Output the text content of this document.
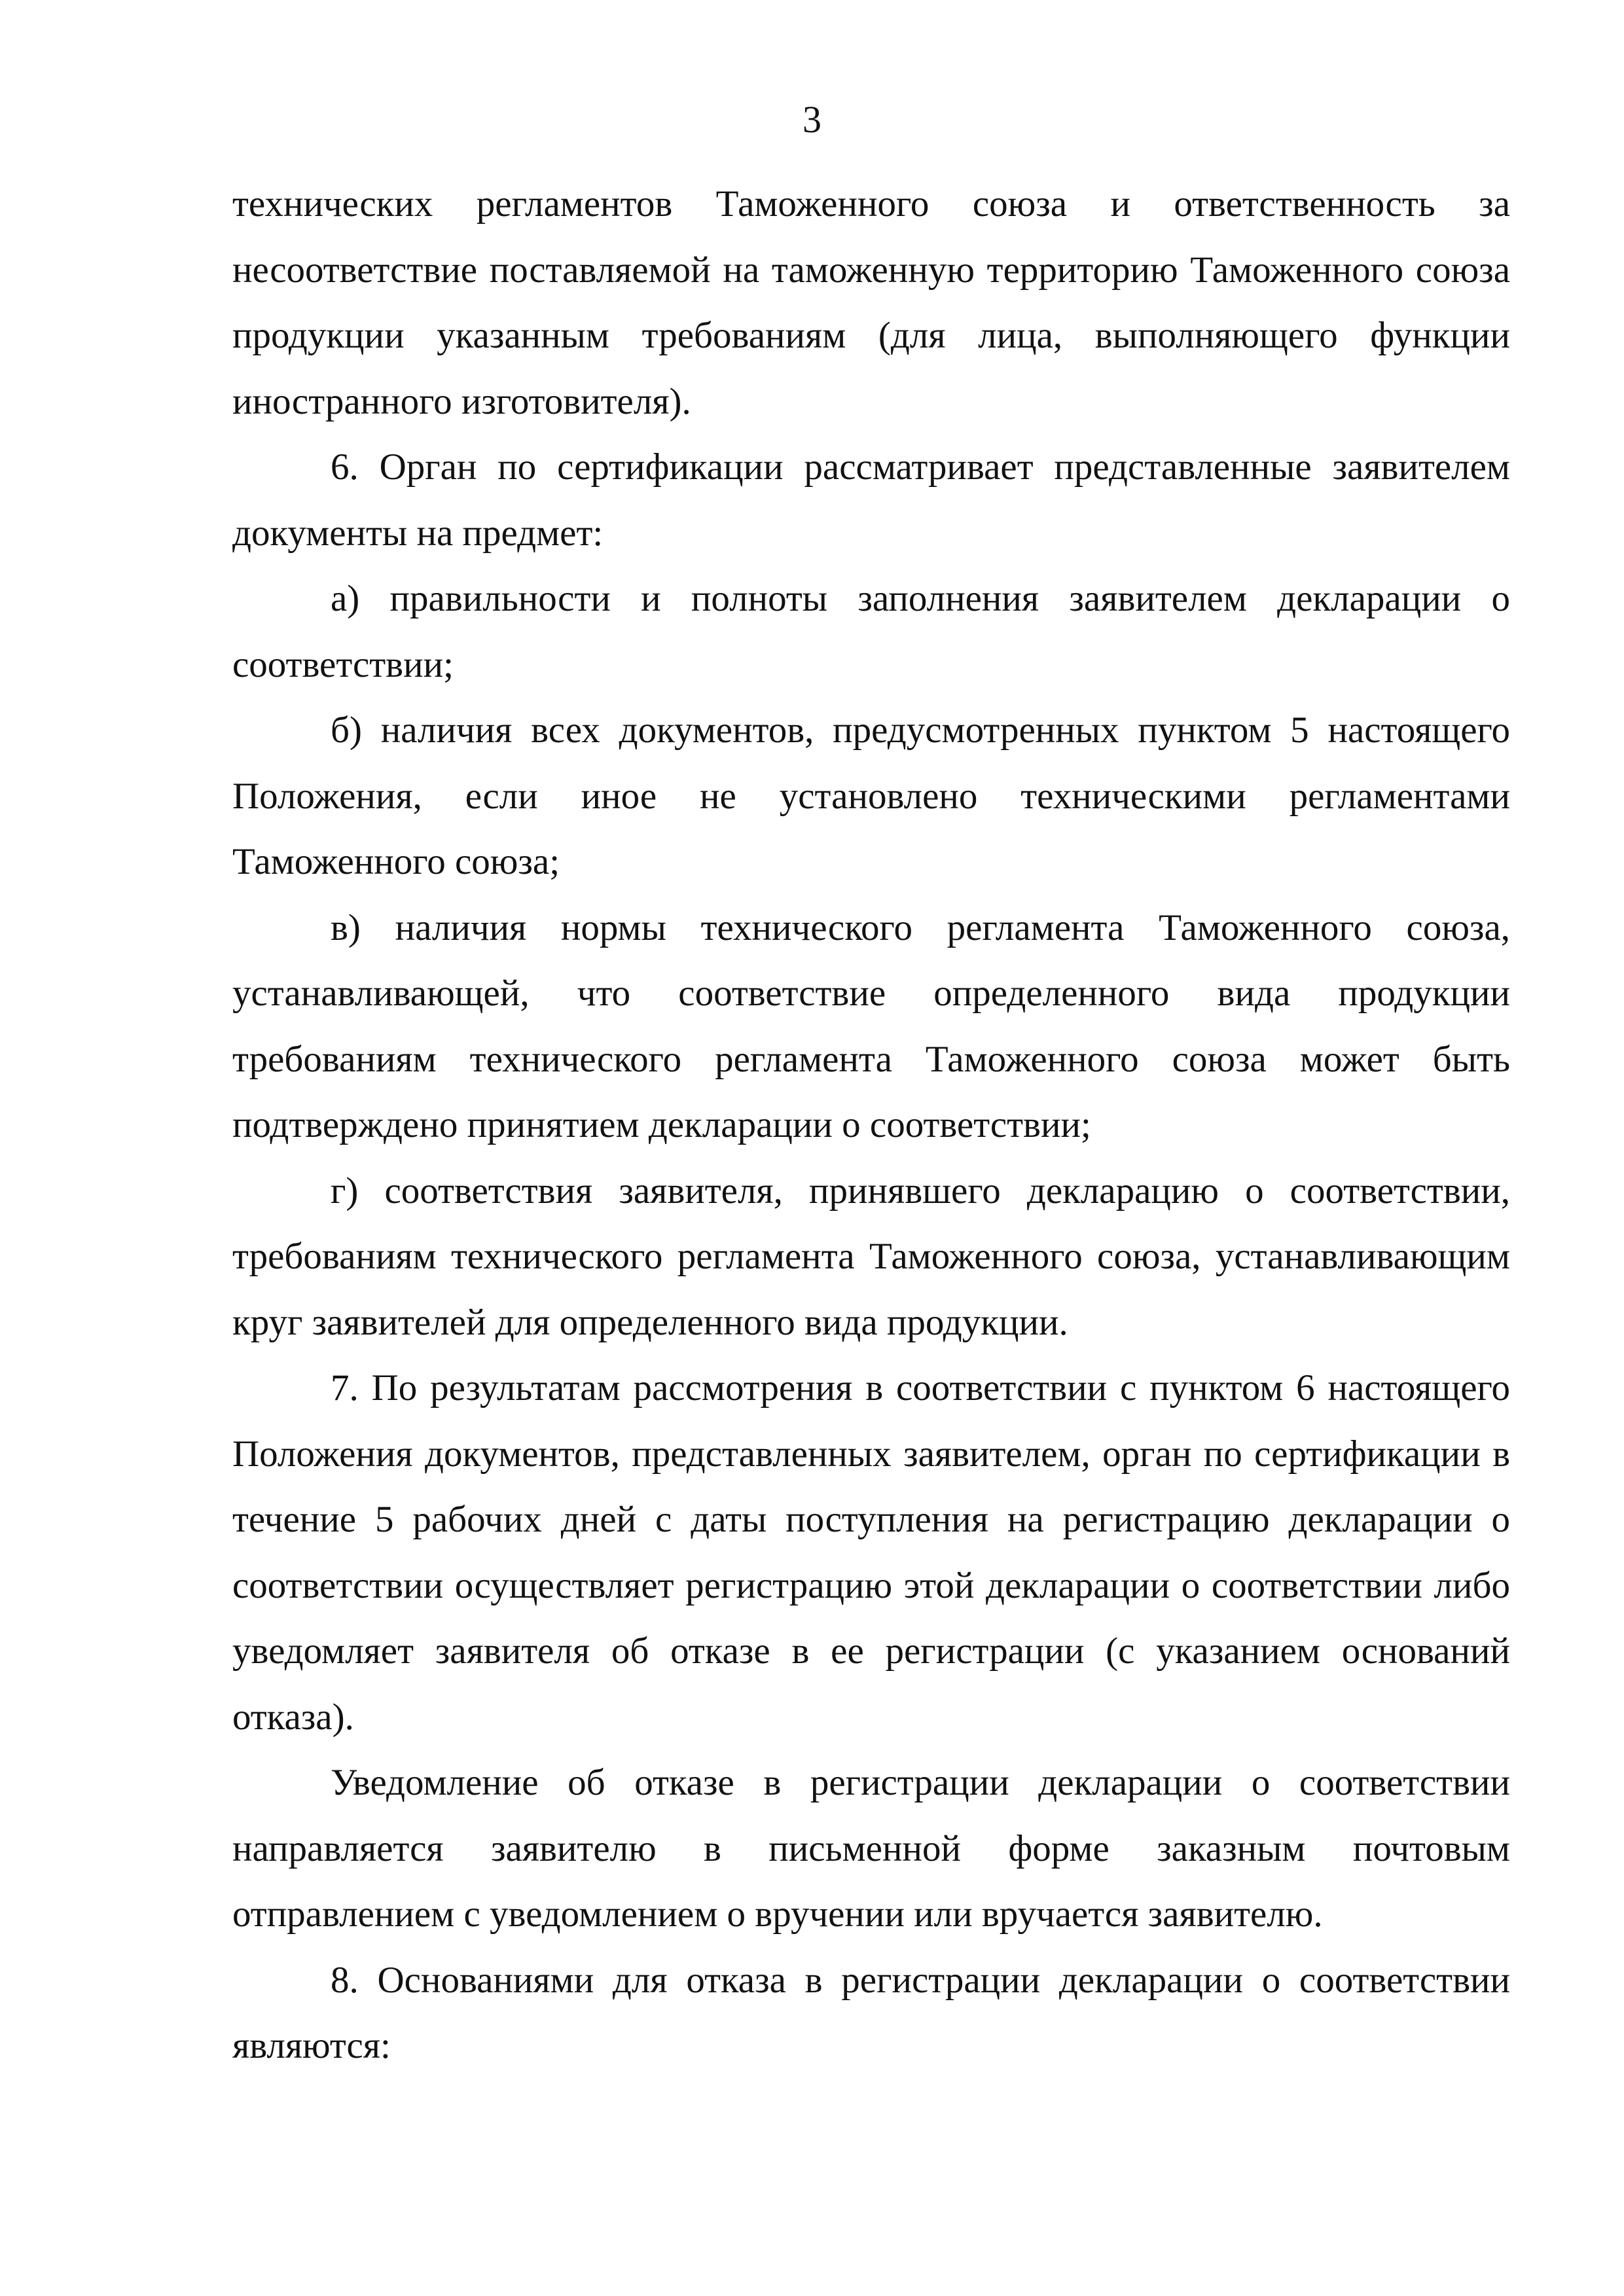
3

технических регламентов Таможенного союза и ответственность за несоответствие поставляемой на таможенную территорию Таможенного союза продукции указанным требованиям (для лица, выполняющего функции иностранного изготовителя).

6. Орган по сертификации рассматривает представленные заявителем документы на предмет:

а) правильности и полноты заполнения заявителем декларации о соответствии;

б) наличия всех документов, предусмотренных пунктом 5 настоящего Положения, если иное не установлено техническими регламентами Таможенного союза;

в) наличия нормы технического регламента Таможенного союза, устанавливающей, что соответствие определенного вида продукции требованиям технического регламента Таможенного союза может быть подтверждено принятием декларации о соответствии;

г) соответствия заявителя, принявшего декларацию о соответствии, требованиям технического регламента Таможенного союза, устанавливающим круг заявителей для определенного вида продукции.

7. По результатам рассмотрения в соответствии с пунктом 6 настоящего Положения документов, представленных заявителем, орган по сертификации в течение 5 рабочих дней с даты поступления на регистрацию декларации о соответствии осуществляет регистрацию этой декларации о соответствии либо уведомляет заявителя об отказе в ее регистрации (с указанием оснований отказа).

Уведомление об отказе в регистрации декларации о соответствии направляется заявителю в письменной форме заказным почтовым отправлением с уведомлением о вручении или вручается заявителю.

8. Основаниями для отказа в регистрации декларации о соответствии являются:
